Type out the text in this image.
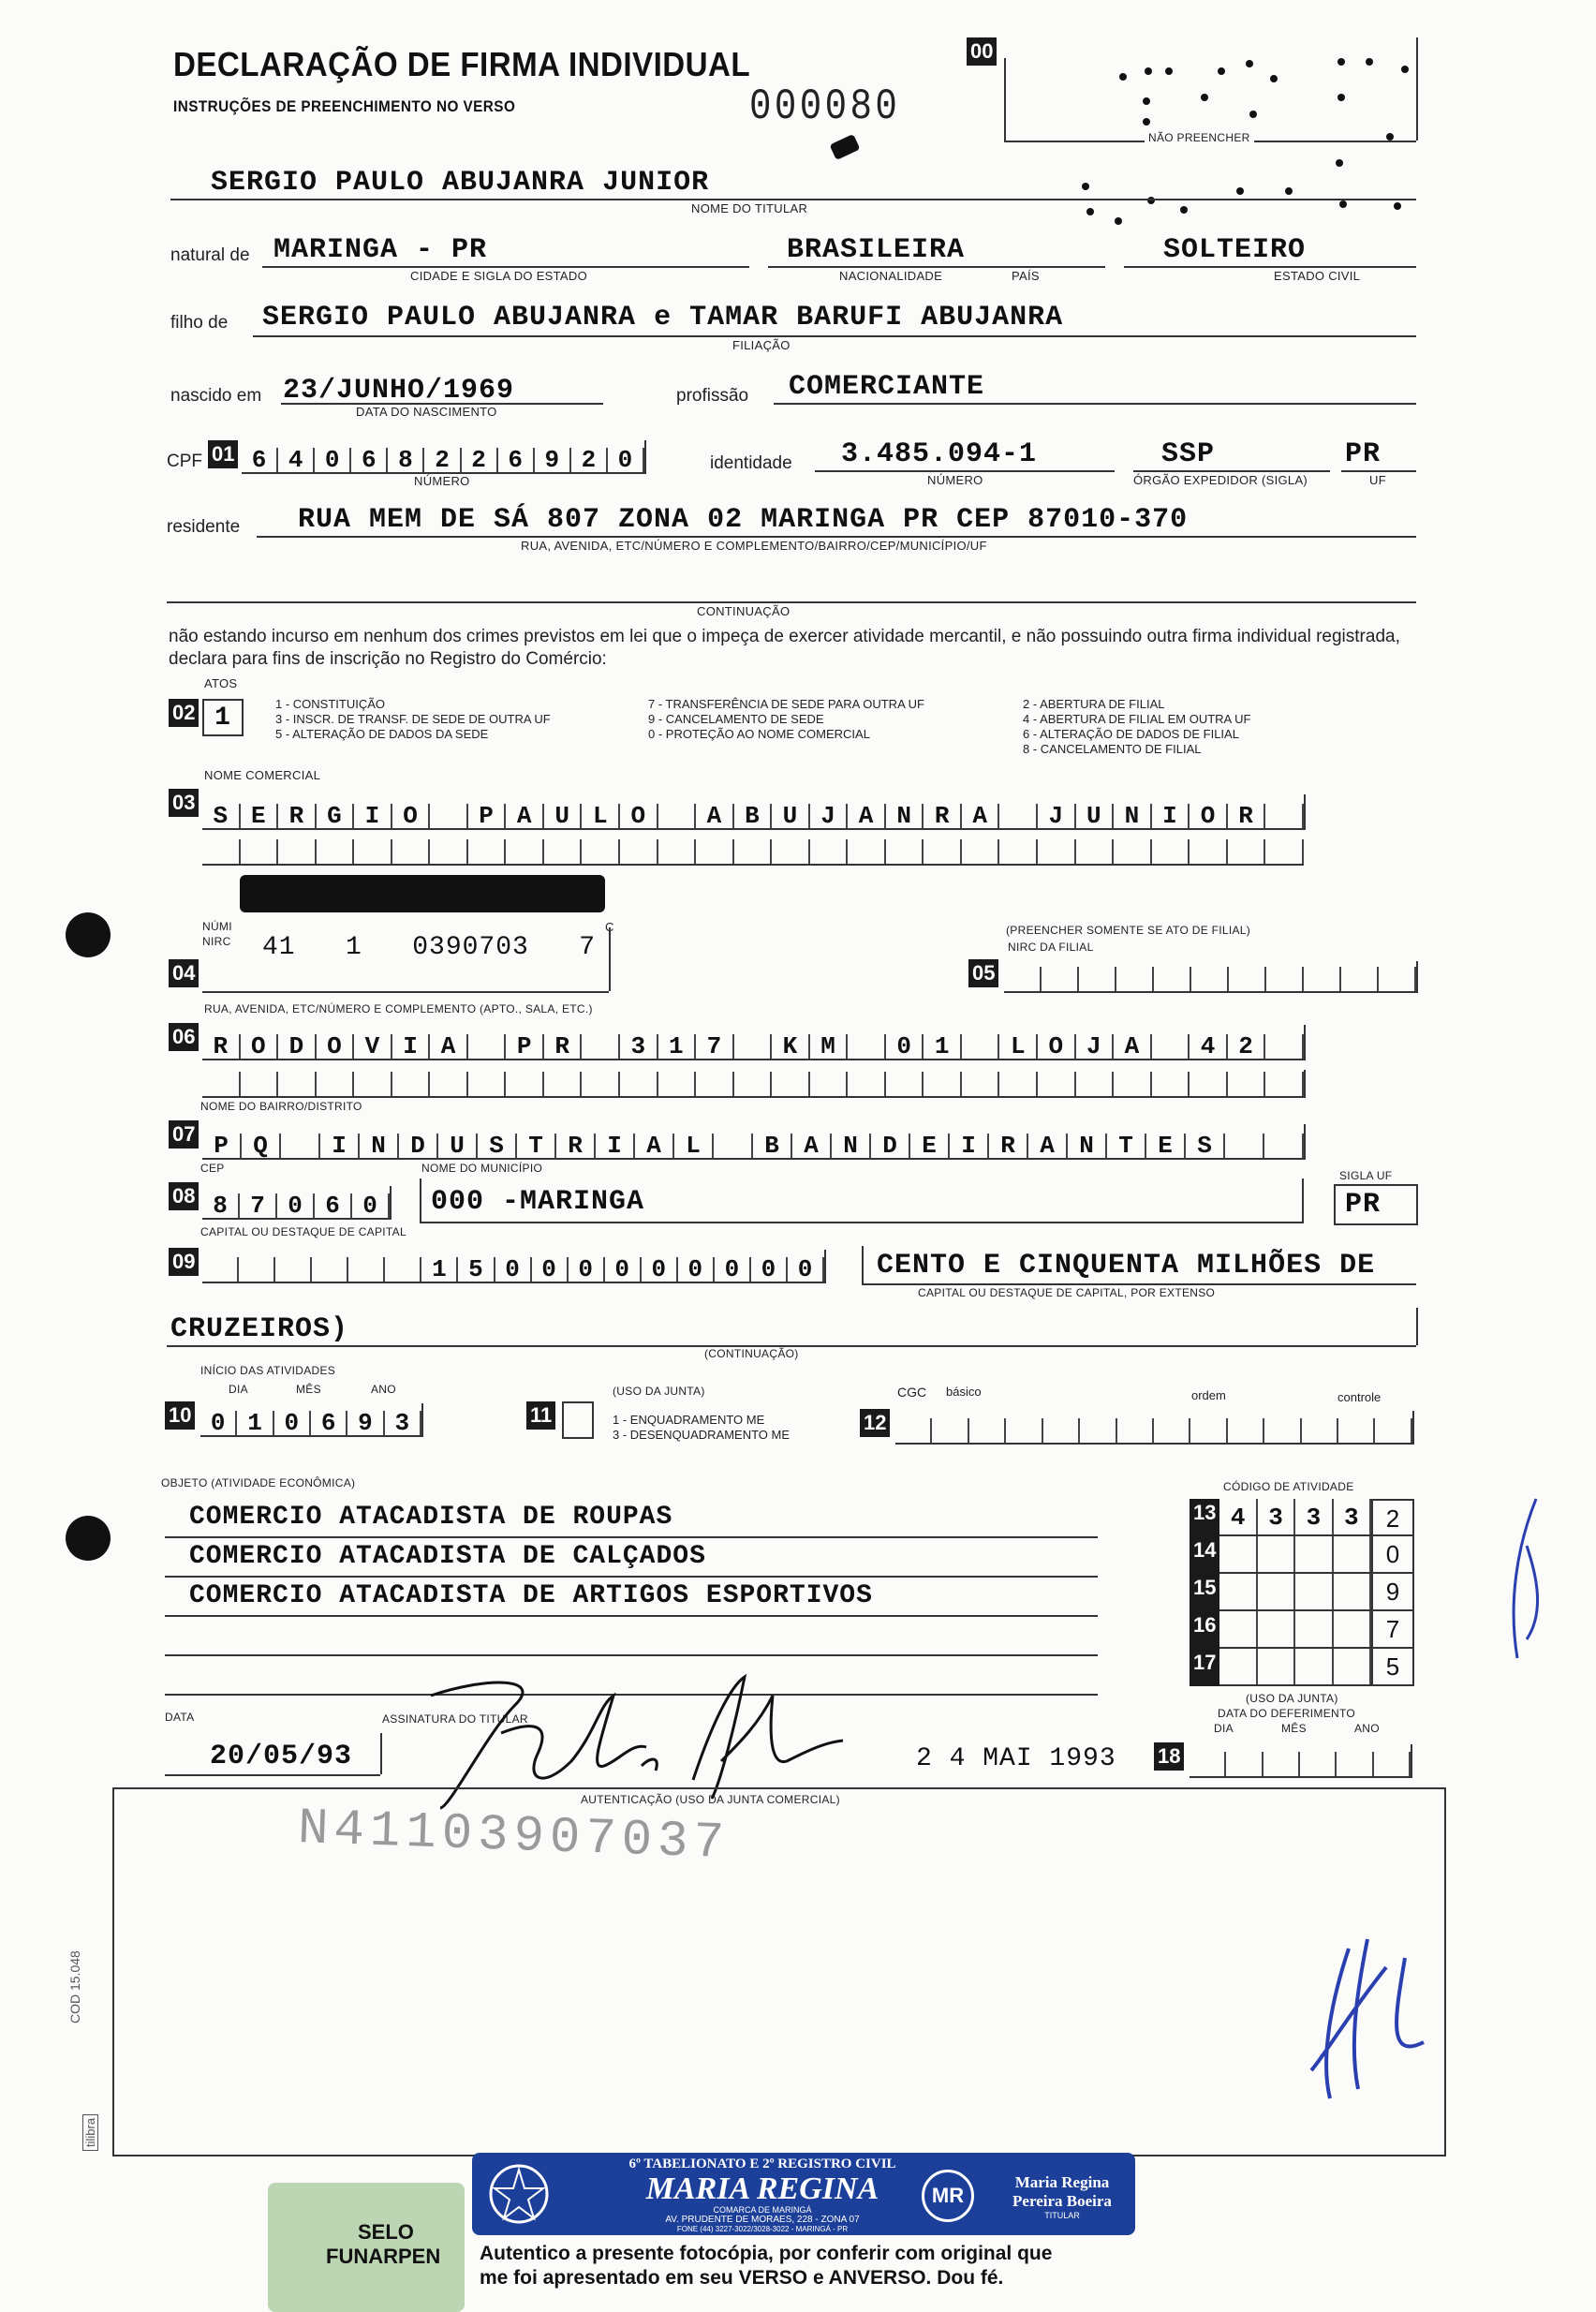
DECLARAÇÃO DE FIRMA INDIVIDUAL
INSTRUÇÕES DE PREENCHIMENTO NO VERSO	000080
00
NÃO PREENCHER
SERGIO PAULO ABUJANRA JUNIOR
NOME DO TITULAR
natural de MARINGA - PR
CIDADE E SIGLA DO ESTADO
BRASILEIRA
NACIONALIDADE	PAÍS
SOLTEIRO
ESTADO CIVIL
filho de SERGIO PAULO ABUJANRA e TAMAR BARUFI ABUJANRA
FILIAÇÃO
nascido em 23/JUNHO/1969
DATA DO NASCIMENTO
profissão COMERCIANTE
CPF 01 6 4 0 6 8 2 2 6 9 2 0
NÚMERO
identidade 3.485.094-1
NÚMERO
SSP
ÓRGÃO EXPEDIDOR (SIGLA)
PR
UF
residente RUA MEM DE SÁ 807 ZONA 02 MARINGA PR CEP 87010-370
RUA, AVENIDA, ETC/NÚMERO E COMPLEMENTO/BAIRRO/CEP/MUNICÍPIO/UF
CONTINUAÇÃO
não estando incurso em nenhum dos crimes previstos em lei que o impeça de exercer atividade mercantil, e não possuindo outra firma individual registrada, declara para fins de inscrição no Registro do Comércio:
ATOS
02 1	1 - CONSTITUIÇÃO
3 - INSCR. DE TRANSF. DE SEDE DE OUTRA UF
5 - ALTERAÇÃO DE DADOS DA SEDE
7 - TRANSFERÊNCIA DE SEDE PARA OUTRA UF
9 - CANCELAMENTO DE SEDE
0 - PROTEÇÃO AO NOME COMERCIAL
2 - ABERTURA DE FILIAL
4 - ABERTURA DE FILIAL EM OUTRA UF
6 - ALTERAÇÃO DE DADOS DE FILIAL
8 - CANCELAMENTO DE FILIAL
NOME COMERCIAL
03 S E R G I O	P A U L O	A B U J A N R A	J U N I O R
NÚMI
NIRC
C
41   1   0390703   7
04
(PREENCHER SOMENTE SE ATO DE FILIAL)
NIRC DA FILIAL
05
RUA, AVENIDA, ETC/NÚMERO E COMPLEMENTO (APTO., SALA, ETC.)
06 R O D O V I A	P R	3 1 7	K M	0 1	L O J A	4 2
NOME DO BAIRRO/DISTRITO
07 P	Q	I	N	D	U	S	T	R	I	A	L	B	A	N	D	E	I	R	A	N	T	E	S
CEP
08 8 7 0 6 0
NOME DO MUNICÍPIO
000 -MARINGA
SIGLA UF
PR
CAPITAL OU DESTAQUE DE CAPITAL
09	1 5 0 0 0 0 0 0 0 0 0	CENTO E CINQUENTA MILHÕES DE
CAPITAL OU DESTAQUE DE CAPITAL, POR EXTENSO
CRUZEIROS)
(CONTINUAÇÃO)
INÍCIO DAS ATIVIDADES
DIA	MÊS	ANO
10 0 1 0 6 9 3
(USO DA JUNTA)
11	1 - ENQUADRAMENTO ME
3 - DESENQUADRAMENTO ME
CGC básico	ordem	controle
12
OBJETO (ATIVIDADE ECONÔMICA)
COMERCIO ATACADISTA DE ROUPAS
COMERCIO ATACADISTA DE CALÇADOS
COMERCIO ATACADISTA DE ARTIGOS ESPORTIVOS
CÓDIGO DE ATIVIDADE
13 4 3 3 3	2
14	0
15	9
16	7
17	5
DATA
20/05/93
ASSINATURA DO TITULAR
2 4 MAI 1993
(USO DA JUNTA)
DATA DO DEFERIMENTO
DIA	MÊS	ANO
18
AUTENTICAÇÃO (USO DA JUNTA COMERCIAL)
N41103907037
COD 15.048
tilibra
SELO
FUNARPEN
6º TABELIONATO E 2º REGISTRO CIVIL
MARIA REGINA
COMARCA DE MARINGÁ
AV. PRUDENTE DE MORAES, 228 - ZONA 07
FONE (44) 3227-3022/3028-3022 - MARINGÁ - PR
MR
Maria Regina
Pereira Boeira
TITULAR
Autentico a presente fotocópia, por conferir com original que
me foi apresentado em seu VERSO e ANVERSO. Dou fé.
